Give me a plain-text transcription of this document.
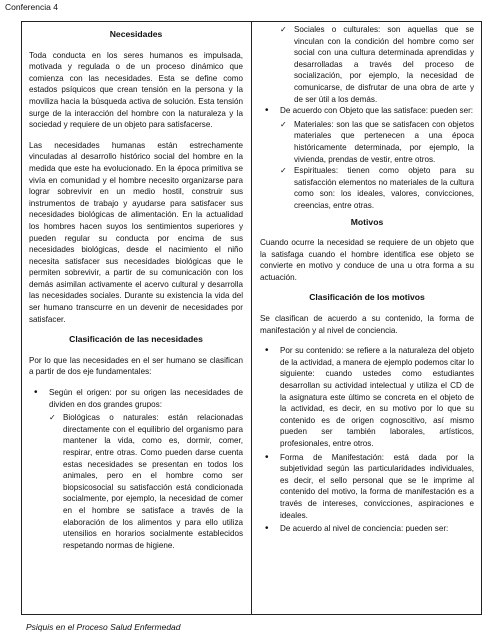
Conferencia 4
Necesidades

Toda conducta en los seres humanos es impulsada, motivada y regulada o de un proceso dinámico que comienza con las necesidades. Esta se define como estados psíquicos que crean tensión en la persona y la moviliza hacia la búsqueda activa de solución. Esta tensión surge de la interacción del hombre con la naturaleza y la sociedad y requiere de un objeto para satisfacerse.

Las necesidades humanas están estrechamente vinculadas al desarrollo histórico social del hombre en la medida que este ha evolucionado. En la época primitiva se vivía en comunidad y el hombre necesito organizarse para lograr sobrevivir en un medio hostil, construir sus instrumentos de trabajo y ayudarse para satisfacer sus necesidades biológicas de alimentación. En la actualidad los hombres hacen suyos los sentimientos superiores y pueden regular su conducta por encima de sus necesidades biológicas, desde el nacimiento el niño necesita satisfacer sus necesidades biológicas que le permiten sobrevivir, a partir de su comunicación con los demás asimilan activamente el acervo cultural y desarrolla las necesidades sociales. Durante su existencia la vida del ser humano transcurre en un devenir de necesidades por satisfacer.

Clasificación de las necesidades

Por lo que las necesidades en el ser humano se clasifican a partir de dos eje fundamentales:

• Según el origen: por su origen las necesidades de dividen en dos grandes grupos:
✓ Biológicas o naturales: están relacionadas directamente con el equilibrio del organismo para mantener la vida, como es, dormir, comer, respirar, entre otras. Como pueden darse cuenta estas necesidades se presentan en todos los animales, pero en el hombre como ser biopsicosocial su satisfacción está condicionada socialmente, por ejemplo, la necesidad de comer en el hombre se satisface a través de la elaboración de los alimentos y para ello utiliza utensilios en horarios socialmente establecidos respetando normas de higiene.
✓ Sociales o culturales: son aquellas que se vinculan con la condición del hombre como ser social con una cultura determinada aprendidas y desarrolladas a través del proceso de socialización, por ejemplo, la necesidad de comunicarse, de disfrutar de una obra de arte y de ser útil a los demás.
• De acuerdo con Objeto que las satisface: pueden ser:
✓ Materiales: son las que se satisfacen con objetos materiales que pertenecen a una época históricamente determinada, por ejemplo, la vivienda, prendas de vestir, entre otros.
✓ Espirituales: tienen como objeto para su satisfacción elementos no materiales de la cultura como son: los ideales, valores, convicciones, creencias, entre otras.
Motivos

Cuando ocurre la necesidad se requiere de un objeto que la satisfaga cuando el hombre identifica ese objeto se convierte en motivo y conduce de una u otra forma a su actuación.

Clasificación de los motivos

Se clasifican de acuerdo a su contenido, la forma de manifestación y al nivel de conciencia.

• Por su contenido: se refiere a la naturaleza del objeto de la actividad, a manera de ejemplo podemos citar lo siguiente: cuando ustedes como estudiantes desarrollan su actividad intelectual y utiliza el CD de la asignatura este último se concreta en el objeto de la actividad, es decir, en su motivo por lo que su contenido es de origen cognoscitivo, así mismo pueden ser también laborales, artísticos, profesionales, entre otros.
• Forma de Manifestación: está dada por la subjetividad según las particularidades individuales, es decir, el sello personal que se le imprime al contenido del motivo, la forma de manifestación es a través de intereses, convicciones, aspiraciones e ideales.
• De acuerdo al nivel de conciencia: pueden ser:
Psiquis en el Proceso Salud Enfermedad
